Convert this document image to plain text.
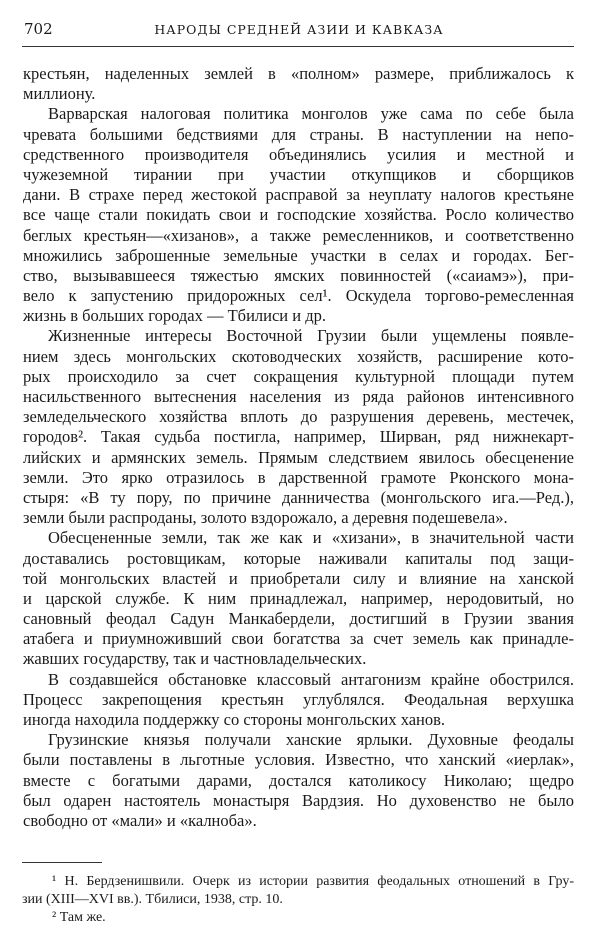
702	НАРОДЫ СРЕДНЕЙ АЗИИ И КАВКАЗА
крестьян, наделенных землей в «полном» размере, приближалось к
миллиону.
Варварская налоговая политика монголов уже сама по себе была
чревата большими бедствиями для страны. В наступлении на непо-
средственного производителя объединялись усилия и местной и
чужеземной тирании при участии откупщиков и сборщиков
дани. В страхе перед жестокой расправой за неуплату налогов крестьяне
все чаще стали покидать свои и господские хозяйства. Росло количество
беглых крестьян—«хизанов», а также ремесленников, и соответственно
множились заброшенные земельные участки в селах и городах. Бег-
ство, вызывавшееся тяжестью ямских повинностей («саиамэ»), при-
вело к запустению придорожных сел¹. Оскудела торгово-ремесленная
жизнь в больших городах — Тбилиси и др.
Жизненные интересы Восточной Грузии были ущемлены появле-
нием здесь монгольских скотоводческих хозяйств, расширение кото-
рых происходило за счет сокращения культурной площади путем
насильственного вытеснения населения из ряда районов интенсивного
земледельческого хозяйства вплоть до разрушения деревень, местечек,
городов². Такая судьба постигла, например, Ширван, ряд нижнекарт-
лийских и армянских земель. Прямым следствием явилось обесценение
земли. Это ярко отразилось в дарственной грамоте Рконского мона-
стыря: «В ту пору, по причине данничества (монгольского ига.—Ред.),
земли были распроданы, золото вздорожало, а деревня подешевела».
Обесцененные земли, так же как и «хизани», в значительной части
доставались ростовщикам, которые наживали капиталы под защи-
той монгольских властей и приобретали силу и влияние на ханской
и царской службе. К ним принадлежал, например, неродовитый, но
сановный феодал Садун Манкабердели, достигший в Грузии звания
атабега и приумноживший свои богатства за счет земель как принадле-
жавших государству, так и частновладельческих.
В создавшейся обстановке классовый антагонизм крайне обострился.
Процесс закрепощения крестьян углублялся. Феодальная верхушка
иногда находила поддержку со стороны монгольских ханов.
Грузинские князья получали ханские ярлыки. Духовные феодалы
были поставлены в льготные условия. Известно, что ханский «иерлак»,
вместе с богатыми дарами, достался католикосу Николаю; щедро
был одарен настоятель монастыря Вардзия. Но духовенство не было
свободно от «мали» и «калноба».
¹ Н. Бердзенишвили. Очерк из истории развития феодальных отношений в Гру-
зии (XIII—XVI вв.). Тбилиси, 1938, стр. 10.
² Там же.
